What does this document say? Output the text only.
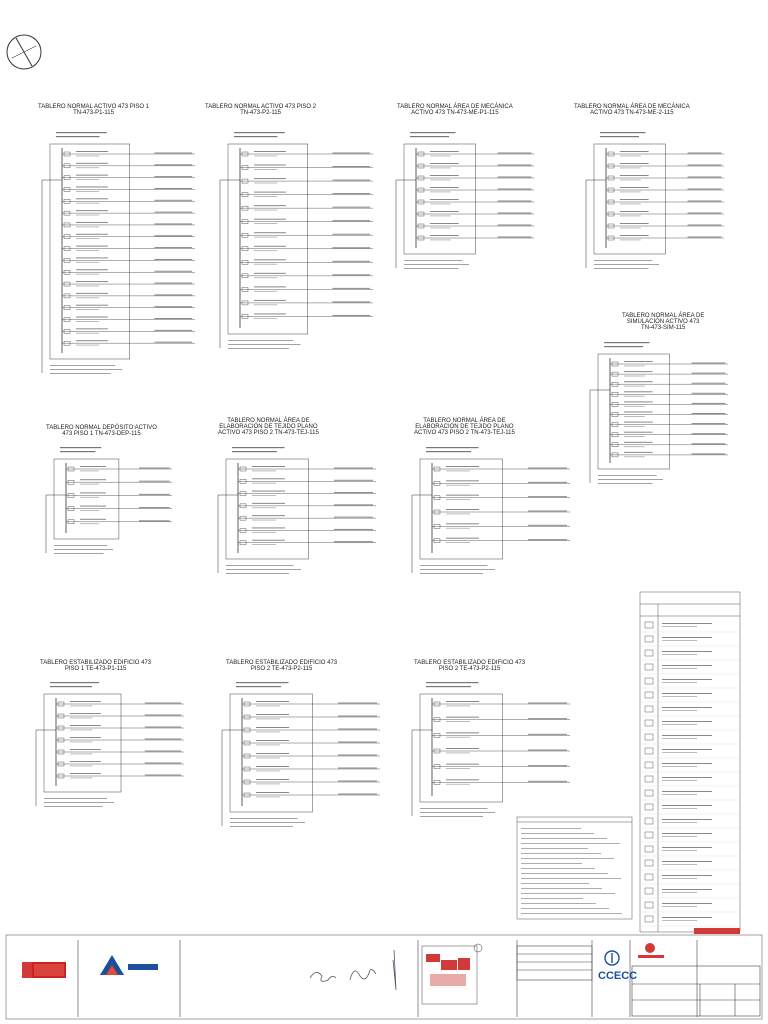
TABLERO NORMAL ACTIVO 473 PISO 1
TN-473-P1-115
TABLERO NORMAL ACTIVO 473 PISO 2
TN-473-P2-115
TABLERO NORMAL ÁREA DE MECÁNICA
ACTIVO 473 TN-473-ME-P1-115
TABLERO NORMAL ÁREA DE MECÁNICA
ACTIVO 473 TN-473-ME-2-115
TABLERO NORMAL ÁREA DE
SIMULACIÓN ACTIVO 473
TN-473-SIM-115
TABLERO NORMAL DEPÓSITO ACTIVO
473 PISO 1 TN-473-DEP-115
TABLERO NORMAL ÁREA DE
ELABORACIÓN DE TEJIDO PLANO
ACTIVO 473 PISO 2 TN-473-TEJ-115
TABLERO NORMAL ÁREA DE
ELABORACIÓN DE TEJIDO PLANO
ACTIVO 473 PISO 2 TN-473-TEJ-115
TABLERO ESTABILIZADO EDIFICIO 473
PISO 1 TE-473-P1-115
TABLERO ESTABILIZADO EDIFICIO 473
PISO 2 TE-473-P2-115
TABLERO ESTABILIZADO EDIFICIO 473
PISO 2 TE-473-P2-115
CCECC
